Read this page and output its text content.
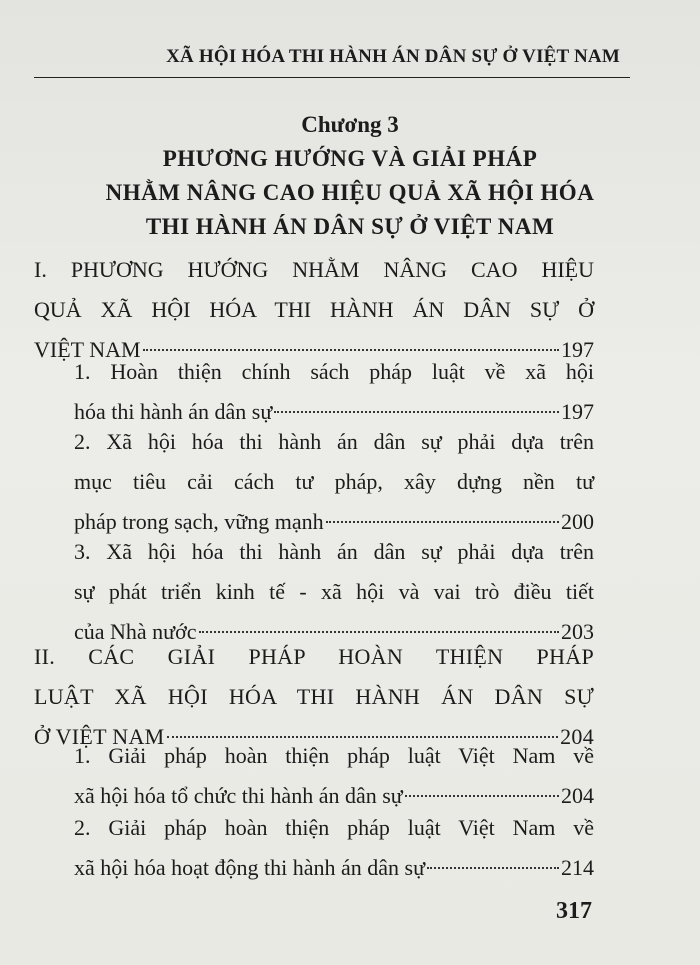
XÃ HỘI HÓA THI HÀNH ÁN DÂN SỰ Ở VIỆT NAM
Chương 3
PHƯƠNG HƯỚNG VÀ GIẢI PHÁP
NHẰM NÂNG CAO HIỆU QUẢ XÃ HỘI HÓA
THI HÀNH ÁN DÂN SỰ Ở VIỆT NAM
I. PHƯƠNG HƯỚNG NHẰM NÂNG CAO HIỆU
QUẢ XÃ HỘI HÓA THI HÀNH ÁN DÂN SỰ Ở
VIỆT NAM	197
1. Hoàn thiện chính sách pháp luật về xã hội
hóa thi hành án dân sự	197
2. Xã hội hóa thi hành án dân sự phải dựa trên
mục tiêu cải cách tư pháp, xây dựng nền tư
pháp trong sạch, vững mạnh	200
3. Xã hội hóa thi hành án dân sự phải dựa trên
sự phát triển kinh tế - xã hội và vai trò điều tiết
của Nhà nước	203
II. CÁC GIẢI PHÁP HOÀN THIỆN PHÁP
LUẬT XÃ HỘI HÓA THI HÀNH ÁN DÂN SỰ
Ở VIỆT NAM	204
1. Giải pháp hoàn thiện pháp luật Việt Nam về
xã hội hóa tổ chức thi hành án dân sự	204
2. Giải pháp hoàn thiện pháp luật Việt Nam về
xã hội hóa hoạt động thi hành án dân sự	214
317
